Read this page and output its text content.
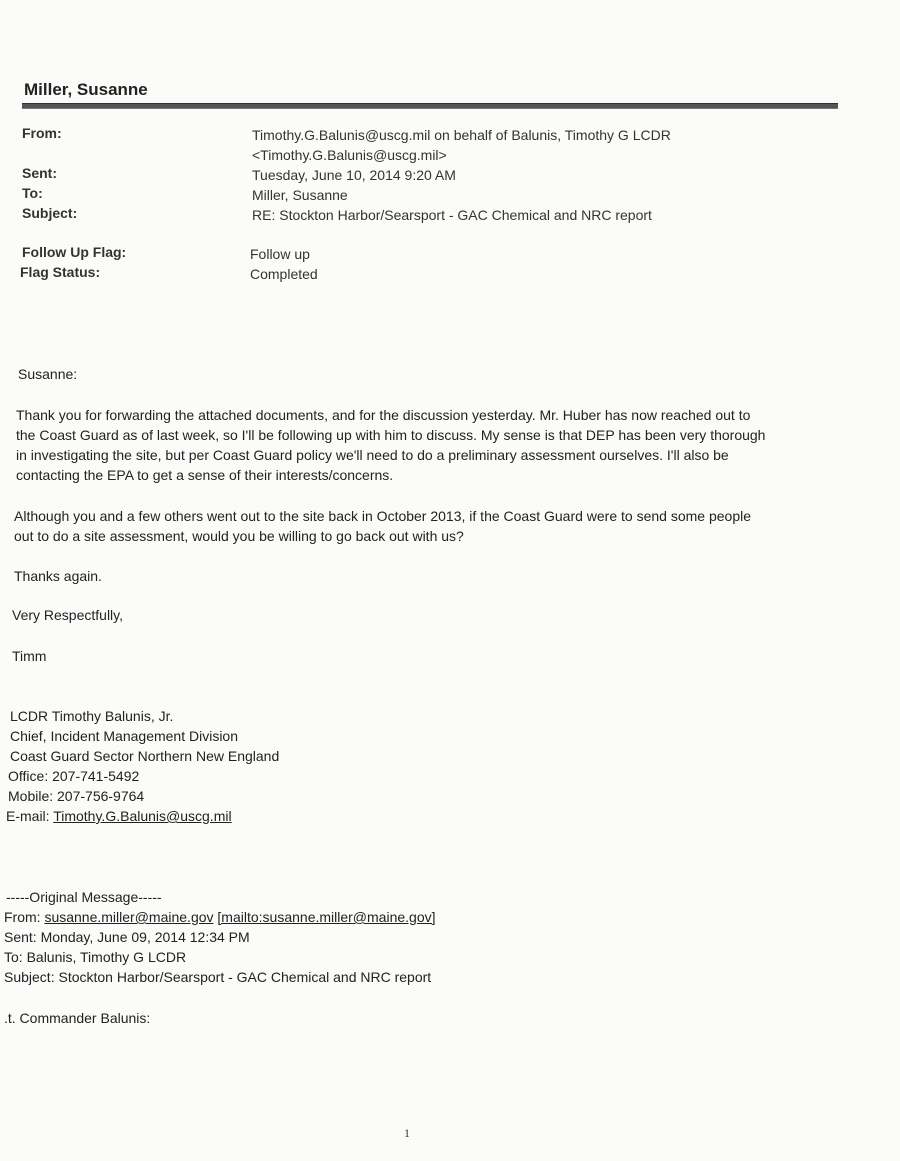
Miller, Susanne
From:	Timothy.G.Balunis@uscg.mil on behalf of Balunis, Timothy G LCDR
<Timothy.G.Balunis@uscg.mil>
Sent:	Tuesday, June 10, 2014 9:20 AM
To:	Miller, Susanne
Subject:	RE: Stockton Harbor/Searsport - GAC Chemical and NRC report
Follow Up Flag:	Follow up
Flag Status:	Completed
Susanne:
Thank you for forwarding the attached documents, and for the discussion yesterday. Mr. Huber has now reached out to
the Coast Guard as of last week, so I'll be following up with him to discuss. My sense is that DEP has been very thorough
in investigating the site, but per Coast Guard policy we'll need to do a preliminary assessment ourselves. I'll also be
contacting the EPA to get a sense of their interests/concerns.
Although you and a few others went out to the site back in October 2013, if the Coast Guard were to send some people
out to do a site assessment, would you be willing to go back out with us?
Thanks again.
Very Respectfully,
Timm
LCDR Timothy Balunis, Jr.
Chief, Incident Management Division
Coast Guard Sector Northern New England
Office: 207-741-5492
Mobile: 207-756-9764
E-mail: Timothy.G.Balunis@uscg.mil
-----Original Message-----
From: susanne.miller@maine.gov [mailto:susanne.miller@maine.gov]
Sent: Monday, June 09, 2014 12:34 PM
To: Balunis, Timothy G LCDR
Subject: Stockton Harbor/Searsport - GAC Chemical and NRC report
.t. Commander Balunis:
1
